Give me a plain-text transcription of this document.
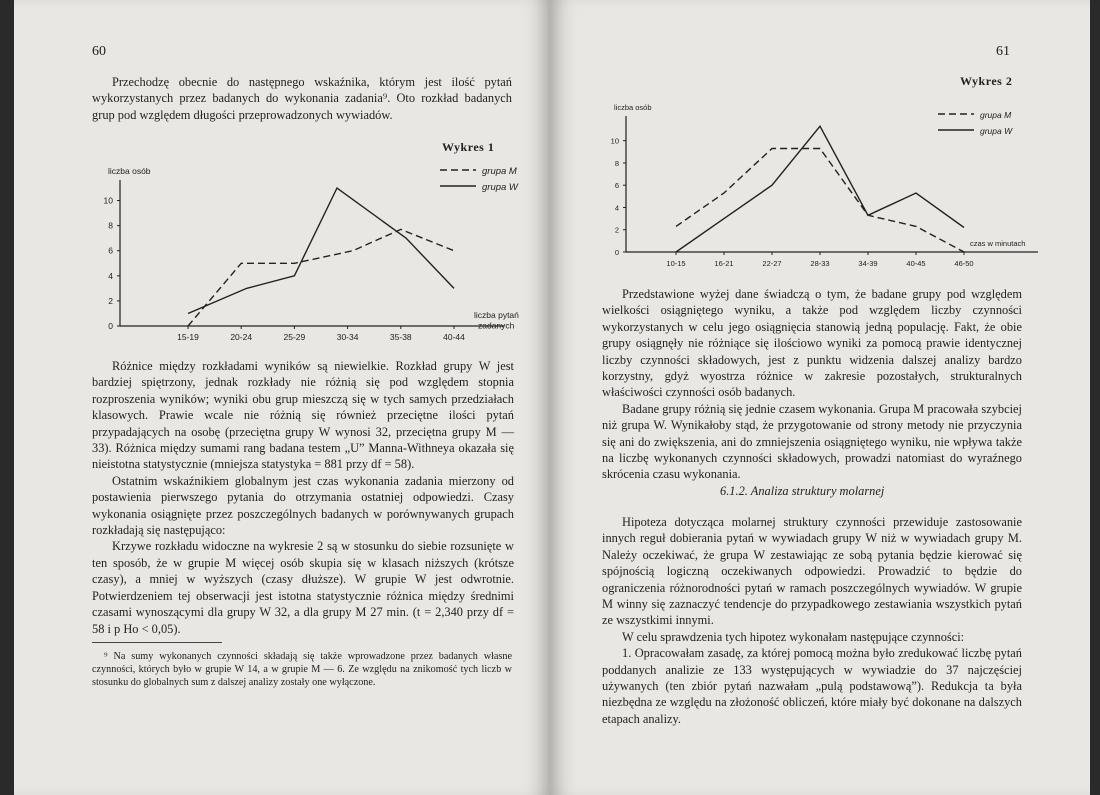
60

Przechodzę obecnie do następnego wskaźnika, którym jest ilość pytań wykorzystanych przez badanych do wykonania zadania⁹. Oto rozkład badanych grup pod względem długości przeprowadzonych wywiadów.

Wykres 1
0
2
4
6
8
10
liczba osób
15-19	20-24	25-29	30-34	35-38	40-44
liczba pytań zadanych
grupa M
grupa W

Różnice między rozkładami wyników są niewielkie. Rozkład grupy W jest bardziej spiętrzony, jednak rozkłady nie różnią się pod względem stopnia rozproszenia wyników; wyniki obu grup mieszczą się w tych samych przedziałach klasowych. Prawie wcale nie różnią się również przeciętne ilości pytań przypadających na osobę (przeciętna grupy W wynosi 32, przeciętna grupy M — 33). Różnica między sumami rang badana testem „U” Manna-Withneya okazała się nieistotna statystycznie (mniejsza statystyka = 881 przy df = 58).

Ostatnim wskaźnikiem globalnym jest czas wykonania zadania mierzony od postawienia pierwszego pytania do otrzymania ostatniej odpowiedzi. Czasy wykonania osiągnięte przez poszczególnych badanych w porównywanych grupach rozkładają się następująco:

Krzywe rozkładu widoczne na wykresie 2 są w stosunku do siebie rozsunięte w ten sposób, że w grupie M więcej osób skupia się w klasach niższych (krótsze czasy), a mniej w wyższych (czasy dłuższe). W grupie W jest odwrotnie. Potwierdzeniem tej obserwacji jest istotna statystycznie różnica między średnimi czasami wynoszącymi dla grupy W 32, a dla grupy M 27 min. (t = 2,340 przy df = 58 i p Ho < 0,05).

⁹ Na sumy wykonanych czynności składają się także wprowadzone przez badanych własne czynności, których było w grupie W 14, a w grupie M — 6. Ze względu na znikomość tych liczb w stosunku do globalnych sum z dalszej analizy zostały one wyłączone.

61
Wykres 2
0
2
4
6
8
10
liczba osób
10-15	16-21	22-27	28-33	34-39	40-45	46-50
czas w minutach
grupa M
grupa W

Przedstawione wyżej dane świadczą o tym, że badane grupy pod względem wielkości osiągniętego wyniku, a także pod względem liczby czynności wykorzystanych w celu jego osiągnięcia stanowią jedną populację. Fakt, że obie grupy osiągnęły nie różniące się ilościowo wyniki za pomocą prawie identycznej liczby czynności składowych, jest z punktu widzenia dalszej analizy bardzo korzystny, gdyż wyostrza różnice w zakresie pozostałych, strukturalnych właściwości czynności osób badanych.

Badane grupy różnią się jednie czasem wykonania. Grupa M pracowała szybciej niż grupa W. Wynikałoby stąd, że przygotowanie od strony metody nie przyczynia się ani do zwiększenia, ani do zmniejszenia osiągniętego wyniku, nie wpływa także na liczbę wykonanych czynności składowych, prowadzi natomiast do wyraźnego skrócenia czasu wykonania.

6.1.2. Analiza struktury molarnej

Hipoteza dotycząca molarnej struktury czynności przewiduje zastosowanie innych reguł dobierania pytań w wywiadach grupy W niż w wywiadach grupy M. Należy oczekiwać, że grupa W zestawiając ze sobą pytania będzie kierować się spójnością logiczną oczekiwanych odpowiedzi. Prowadzić to będzie do ograniczenia różnorodności pytań w ramach poszczególnych wywiadów. W grupie M winny się zaznaczyć tendencje do przypadkowego zestawiania wszystkich pytań ze wszystkimi innymi.

W celu sprawdzenia tych hipotez wykonałam następujące czynności:

1. Opracowałam zasadę, za której pomocą można było zredukować liczbę pytań poddanych analizie ze 133 występujących w wywiadzie do 37 najczęściej używanych (ten zbiór pytań nazwałam „pulą podstawową”). Redukcja ta była niezbędna ze względu na złożoność obliczeń, które miały być dokonane na dalszych etapach analizy.
